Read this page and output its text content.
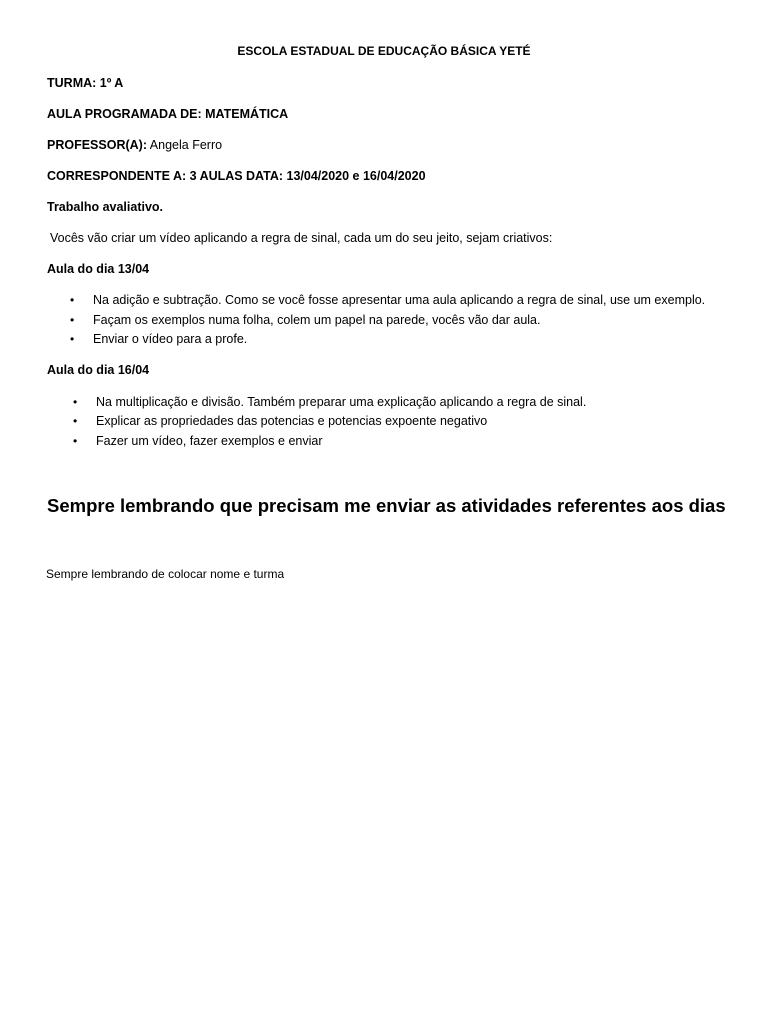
ESCOLA ESTADUAL DE EDUCAÇÃO BÁSICA YETÉ
TURMA: 1º A
AULA PROGRAMADA DE: MATEMÁTICA
PROFESSOR(A): Angela Ferro
CORRESPONDENTE A: 3 AULAS DATA: 13/04/2020 e 16/04/2020
Trabalho avaliativo.
Vocês vão criar um vídeo aplicando a regra de sinal, cada um do seu jeito, sejam criativos:
Aula do dia 13/04
• Na adição e subtração. Como se você fosse apresentar uma aula aplicando a regra de sinal, use um exemplo.
• Façam os exemplos numa folha, colem um papel na parede, vocês vão dar aula.
• Enviar o vídeo para a profe.
Aula do dia 16/04
• Na multiplicação e divisão. Também preparar uma explicação aplicando a regra de sinal.
• Explicar as propriedades das potencias e potencias expoente negativo
• Fazer um vídeo, fazer exemplos e enviar
Sempre lembrando que precisam me enviar as atividades referentes aos dias
Sempre lembrando de colocar nome e turma
